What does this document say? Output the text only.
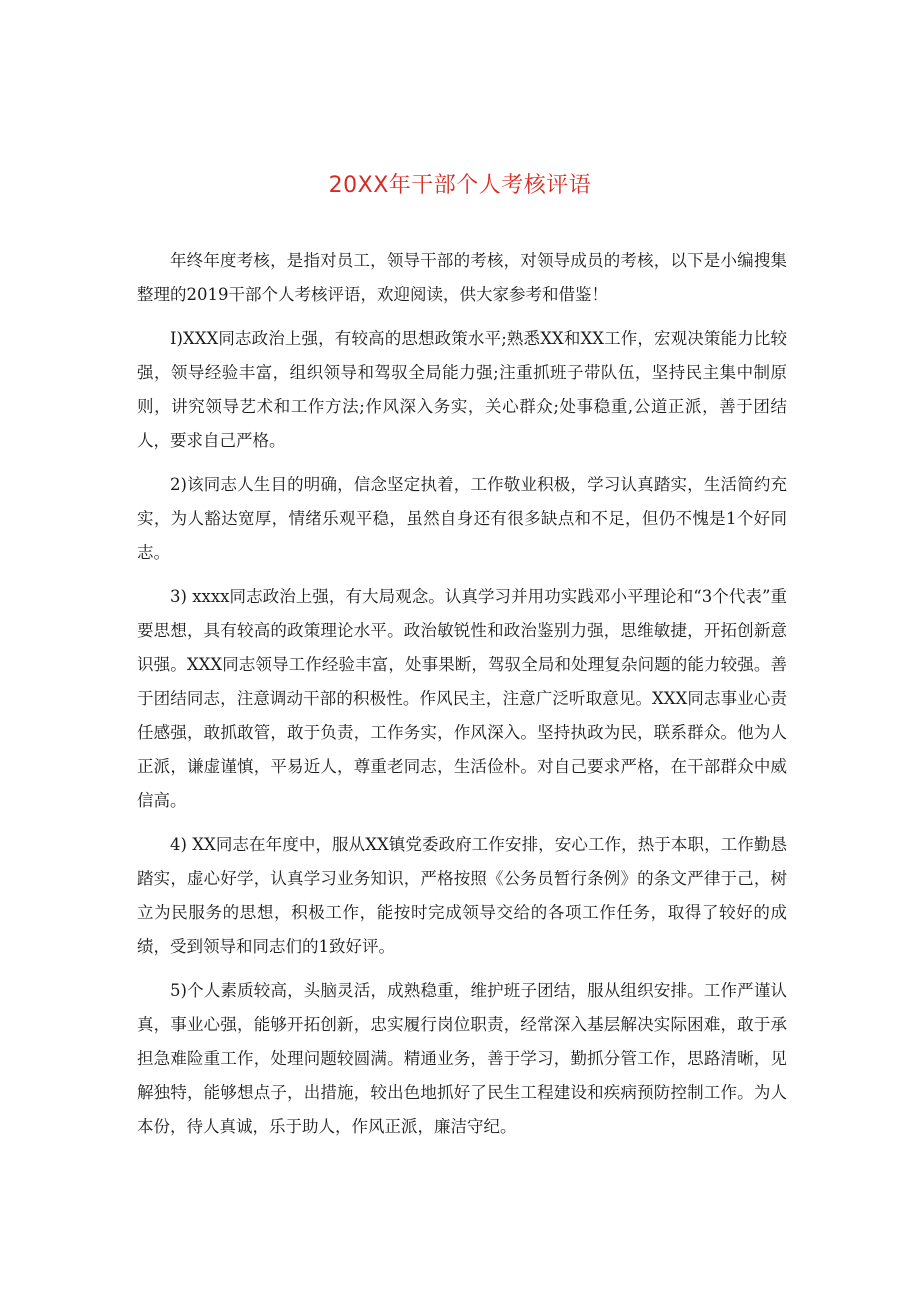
20XX年干部个人考核评语

年终年度考核，是指对员工，领导干部的考核，对领导成员的考核，以下是小编搜集整理的2019干部个人考核评语，欢迎阅读，供大家参考和借鉴！

I)XXX同志政治上强，有较高的思想政策水平;熟悉XX和XX工作，宏观决策能力比较强，领导经验丰富，组织领导和驾驭全局能力强;注重抓班子带队伍，坚持民主集中制原则，讲究领导艺术和工作方法;作风深入务实，关心群众;处事稳重,公道正派，善于团结人，要求自己严格。

2)该同志人生目的明确，信念坚定执着，工作敬业积极，学习认真踏实，生活简约充实，为人豁达宽厚，情绪乐观平稳，虽然自身还有很多缺点和不足，但仍不愧是1个好同志。

3) xxxx同志政治上强，有大局观念。认真学习并用功实践邓小平理论和“3个代表”重要思想，具有较高的政策理论水平。政治敏锐性和政治鉴别力强，思维敏捷，开拓创新意识强。XXX同志领导工作经验丰富，处事果断，驾驭全局和处理复杂问题的能力较强。善于团结同志，注意调动干部的积极性。作风民主，注意广泛听取意见。XXX同志事业心责任感强，敢抓敢管，敢于负责，工作务实，作风深入。坚持执政为民，联系群众。他为人正派，谦虚谨慎，平易近人，尊重老同志，生活俭朴。对自己要求严格，在干部群众中威信高。

4) XX同志在年度中，服从XX镇党委政府工作安排，安心工作，热于本职，工作勤恳踏实，虚心好学，认真学习业务知识，严格按照《公务员暂行条例》的条文严律于己，树立为民服务的思想，积极工作，能按时完成领导交给的各项工作任务，取得了较好的成绩，受到领导和同志们的1致好评。

5)个人素质较高，头脑灵活，成熟稳重，维护班子团结，服从组织安排。工作严谨认真，事业心强，能够开拓创新，忠实履行岗位职责，经常深入基层解决实际困难，敢于承担急难险重工作，处理问题较圆满。精通业务，善于学习，勤抓分管工作，思路清晰，见解独特，能够想点子，出措施，较出色地抓好了民生工程建设和疾病预防控制工作。为人本份，待人真诚，乐于助人，作风正派，廉洁守纪。
